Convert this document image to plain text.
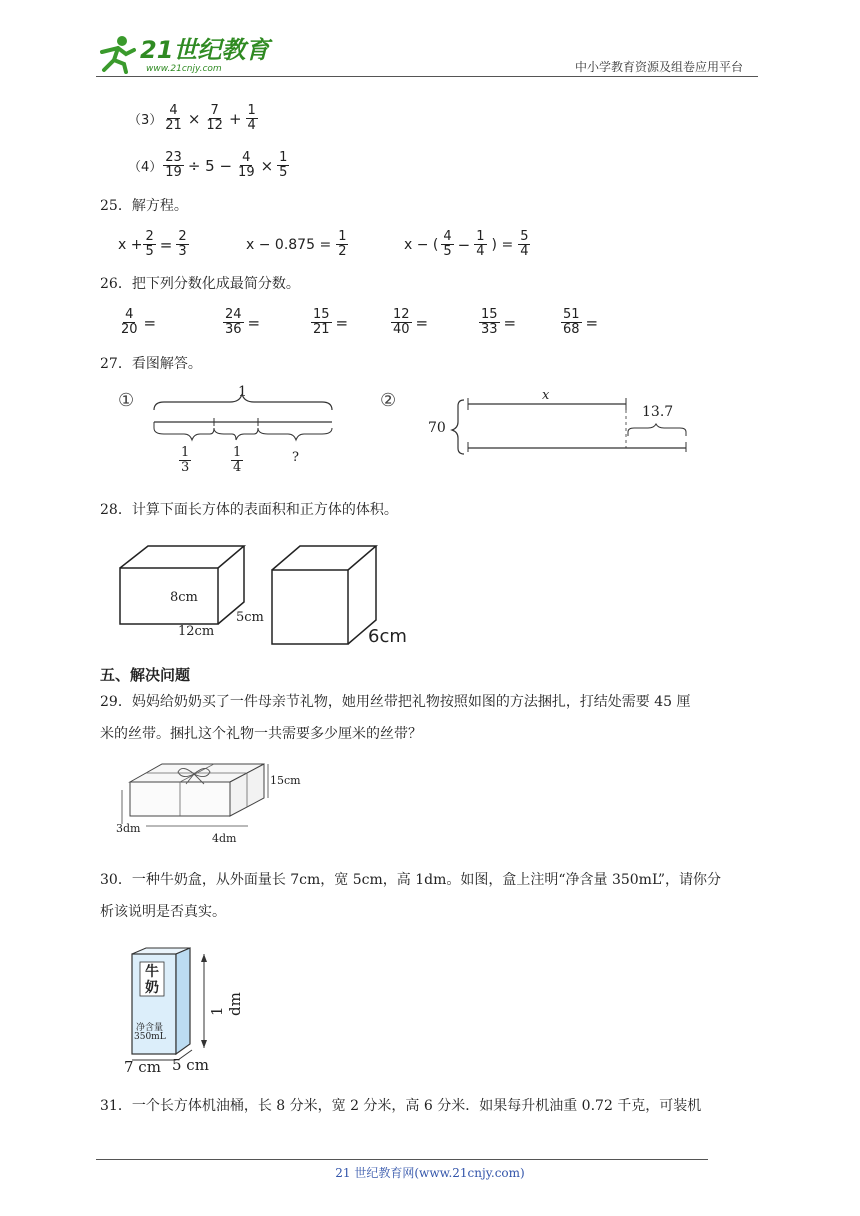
21世纪教育
www.21cnjy.com	中小学教育资源及组卷应用平台
$(3) \frac{4}{21} \times \frac{7}{12} + \frac{1}{4}$
$(4) \frac{23}{19} \div 5 - \frac{4}{19} \times \frac{1}{5}$
25．解方程。
$x + \frac{2}{5} = \frac{2}{3}$	$x - 0.875 = \frac{1}{2}$	x − ( $\frac{4}{5} - \frac{1}{4}$ ) = $\frac{5}{4}$
26．把下列分数化成最简分数。
$\frac{4}{20}$ =	$\frac{24}{36}$ =	$\frac{15}{21}$ =	$\frac{12}{40}$ =	$\frac{15}{33}$ =	$\frac{51}{68}$ =
27．看图解答。
①	1
$\frac{1}{3}$	$\frac{1}{4}$	?
②	x
70
13.7
28．计算下面长方体的表面积和正方体的体积。
8cm
5cm
12cm	6cm
五、解决问题
29．妈妈给奶奶买了一件母亲节礼物，她用丝带把礼物按照如图的方法捆扎，打结处需要 45 厘
米的丝带。捆扎这个礼物一共需要多少厘米的丝带？
15cm
3dm
4dm
30．一种牛奶盒，从外面量长 7cm，宽 5cm，高 1dm。如图，盒上注明“净含量 350mL”，请你分
析该说明是否真实。
牛
奶
净含量
350mL
1 dm
7 cm 5 cm
31．一个长方体机油桶，长 8 分米，宽 2 分米，高 6 分米．如果每升机油重 0.72 千克，可装机
21 世纪教育网(www.21cnjy.com)
